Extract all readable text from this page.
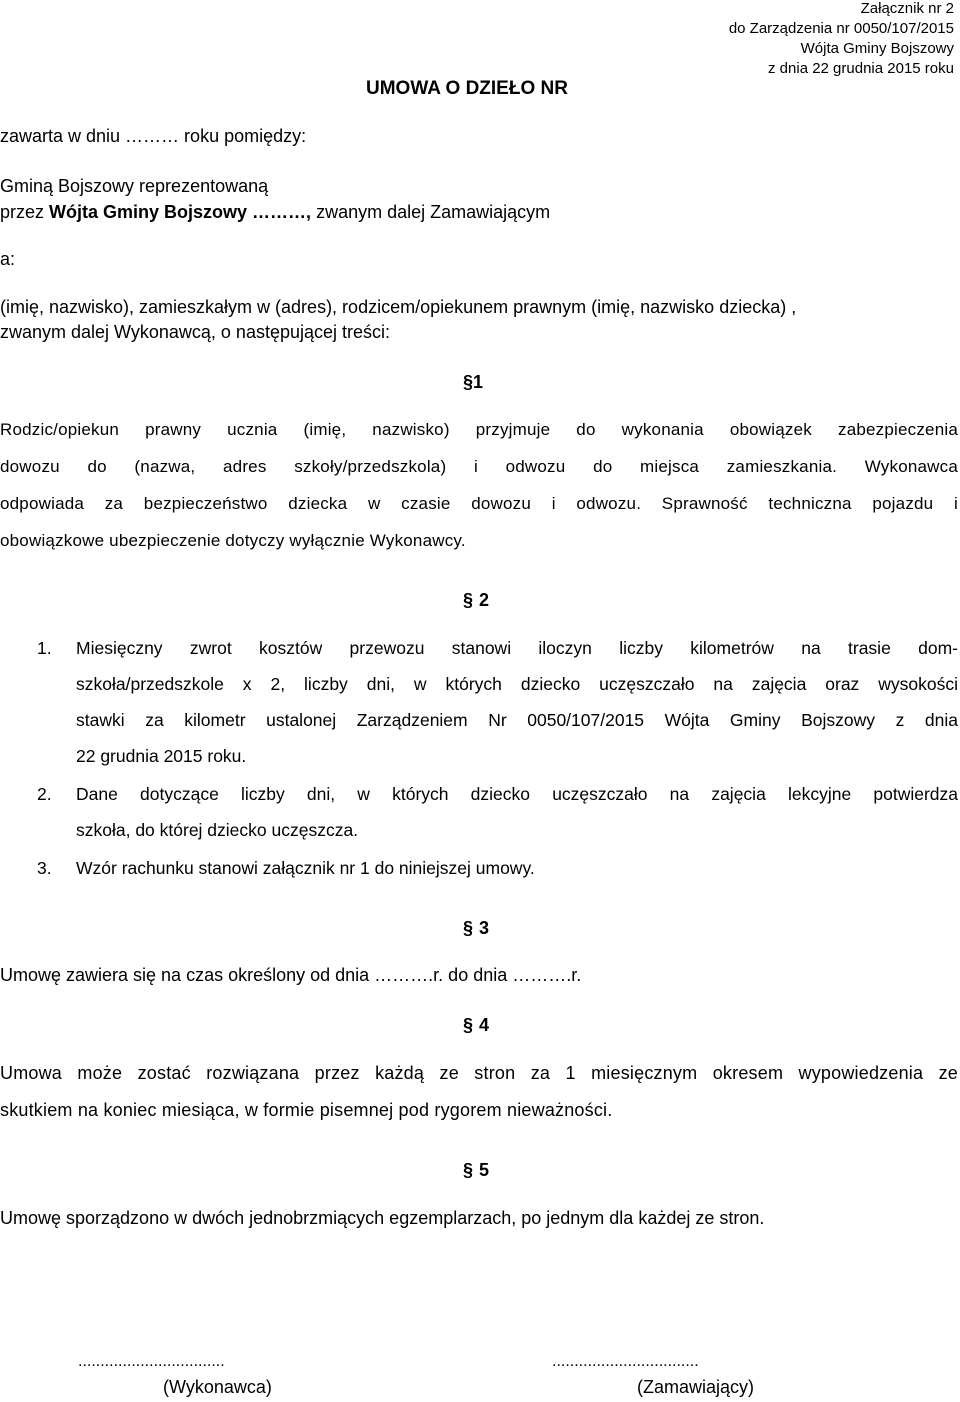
Załącznik nr 2
do Zarządzenia nr 0050/107/2015
Wójta Gminy Bojszowy
z dnia 22 grudnia 2015 roku
UMOWA O DZIEŁO NR
zawarta w dniu ……… roku pomiędzy:
Gminą Bojszowy reprezentowaną
przez Wójta Gminy Bojszowy ………, zwanym dalej Zamawiającym
a:
(imię, nazwisko), zamieszkałym w (adres), rodzicem/opiekunem prawnym (imię, nazwisko dziecka) ,
zwanym dalej Wykonawcą, o następującej treści:
§1
Rodzic/opiekun prawny ucznia (imię, nazwisko) przyjmuje do wykonania obowiązek zabezpieczenia
dowozu do (nazwa, adres szkoły/przedszkola) i odwozu do miejsca zamieszkania. Wykonawca
odpowiada za bezpieczeństwo dziecka w czasie dowozu i odwozu. Sprawność techniczna pojazdu i
obowiązkowe ubezpieczenie dotyczy wyłącznie Wykonawcy.
§ 2
1. Miesięczny zwrot kosztów przewozu stanowi iloczyn liczby kilometrów na trasie dom-
szkoła/przedszkole x 2, liczby dni, w których dziecko uczęszczało na zajęcia oraz wysokości
stawki za kilometr ustalonej Zarządzeniem Nr 0050/107/2015 Wójta Gminy Bojszowy z dnia
22 grudnia 2015 roku.
2. Dane dotyczące liczby dni, w których dziecko uczęszczało na zajęcia lekcyjne potwierdza
szkoła, do której dziecko uczęszcza.
3. Wzór rachunku stanowi załącznik nr 1 do niniejszej umowy.
§ 3
Umowę zawiera się na czas określony od dnia ……….r. do dnia ……….r.
§ 4
Umowa może zostać rozwiązana przez każdą ze stron za 1 miesięcznym okresem wypowiedzenia ze
skutkiem na koniec miesiąca, w formie pisemnej pod rygorem nieważności.
§ 5
Umowę sporządzono w dwóch jednobrzmiących egzemplarzach, po jednym dla każdej ze stron.
.................................
(Wykonawca)
.................................
(Zamawiający)
